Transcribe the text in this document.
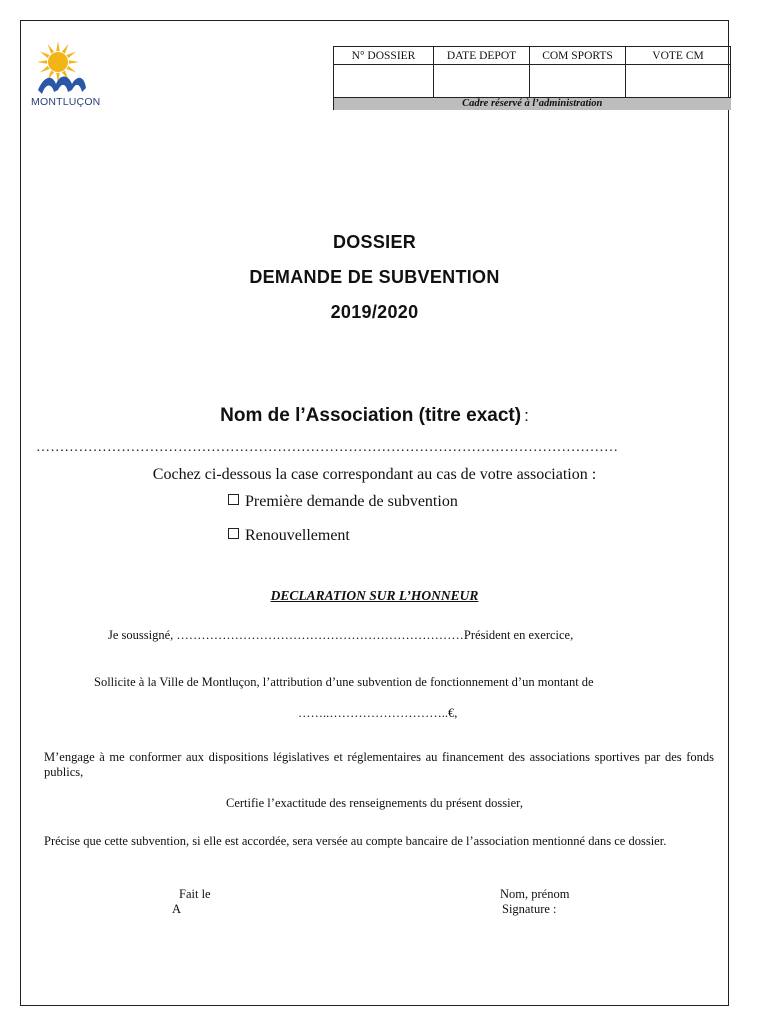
MONTLUÇON
N° DOSSIER	DATE DEPOT	COM SPORTS	VOTE CM

Cadre réservé à l’administration			
DOSSIER
DEMANDE DE SUBVENTION
2019/2020
Nom de l’Association (titre exact) :
……………………………………………………………………………………………………………
Cochez ci-dessous la case correspondant au cas de votre association :
Première demande de subvention
Renouvellement
DECLARATION SUR L’HONNEUR
Je soussigné, ……………………………………………………………Président en exercice,
Sollicite à la Ville de Montluçon, l’attribution d’une subvention de fonctionnement d’un montant de
……..………………………..€,
M’engage à me conformer aux dispositions législatives et réglementaires au financement des associations sportives par des fonds publics,
Certifie l’exactitude des renseignements du présent dossier,
Précise que cette subvention, si elle est accordée, sera versée au compte bancaire de l’association mentionné dans ce dossier.
Fait le
A
Nom, prénom
Signature :
